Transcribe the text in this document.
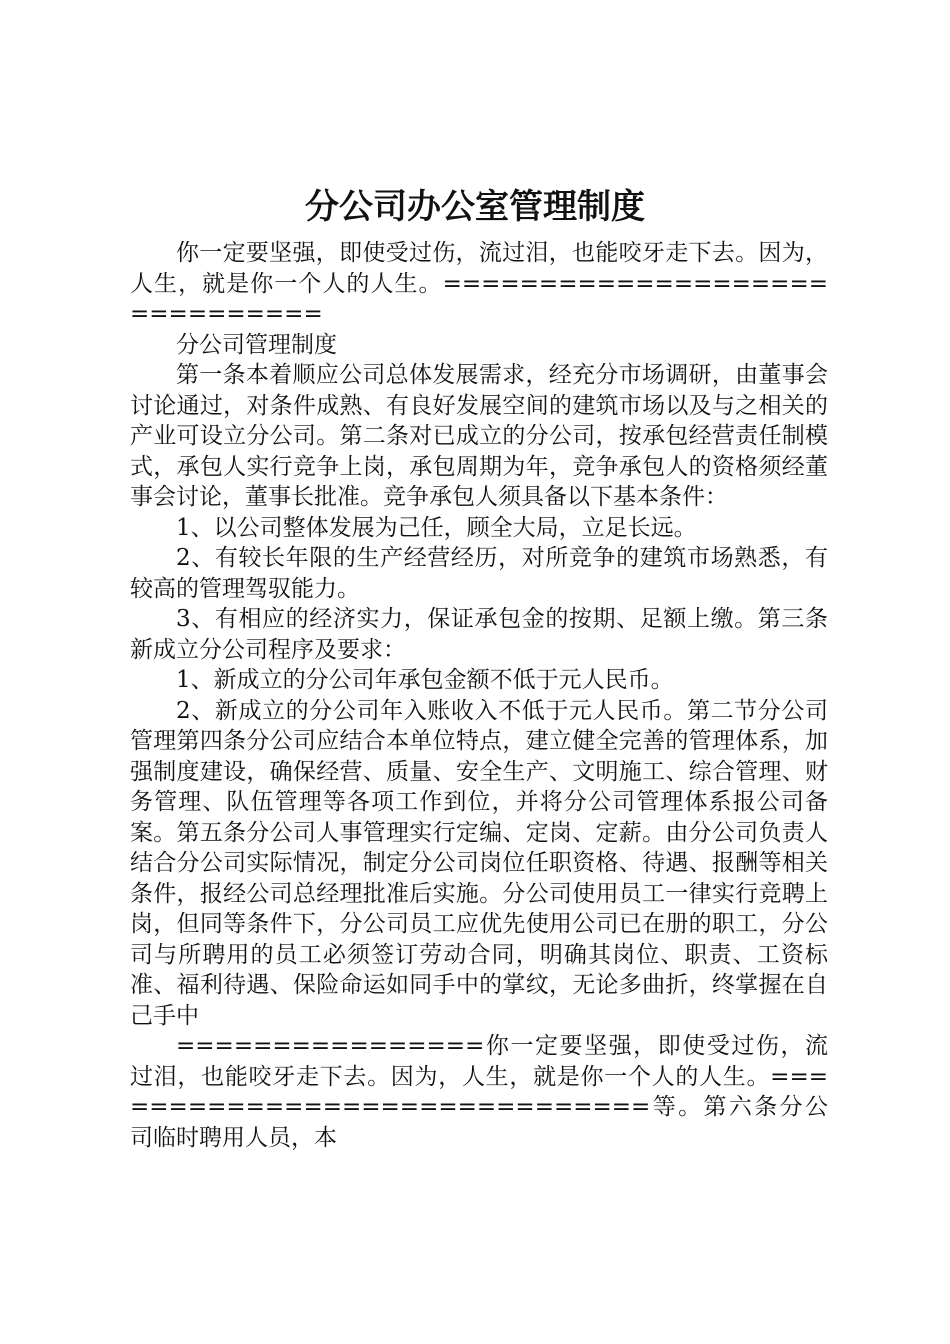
分公司办公室管理制度

你一定要坚强，即使受过伤，流过泪，也能咬牙走下去。因为，人生，就是你一个人的人生。==============================

分公司管理制度

第一条本着顺应公司总体发展需求，经充分市场调研，由董事会讨论通过，对条件成熟、有良好发展空间的建筑市场以及与之相关的产业可设立分公司。第二条对已成立的分公司，按承包经营责任制模式，承包人实行竞争上岗，承包周期为年，竞争承包人的资格须经董事会讨论，董事长批准。竞争承包人须具备以下基本条件：

1、以公司整体发展为己任，顾全大局，立足长远。

2、有较长年限的生产经营经历，对所竞争的建筑市场熟悉，有较高的管理驾驭能力。

3、有相应的经济实力，保证承包金的按期、足额上缴。第三条新成立分公司程序及要求：

1、新成立的分公司年承包金额不低于元人民币。

2、新成立的分公司年入账收入不低于元人民币。第二节分公司管理第四条分公司应结合本单位特点，建立健全完善的管理体系，加强制度建设，确保经营、质量、安全生产、文明施工、综合管理、财务管理、队伍管理等各项工作到位，并将分公司管理体系报公司备案。第五条分公司人事管理实行定编、定岗、定薪。由分公司负责人结合分公司实际情况，制定分公司岗位任职资格、待遇、报酬等相关条件，报经公司总经理批准后实施。分公司使用员工一律实行竞聘上岗，但同等条件下，分公司员工应优先使用公司已在册的职工，分公司与所聘用的员工必须签订劳动合同，明确其岗位、职责、工资标准、福利待遇、保险命运如同手中的掌纹，无论多曲折，终掌握在自己手中

================你一定要坚强，即使受过伤，流过泪，也能咬牙走下去。因为，人生，就是你一个人的人生。==============================等。第六条分公司临时聘用人员，本
